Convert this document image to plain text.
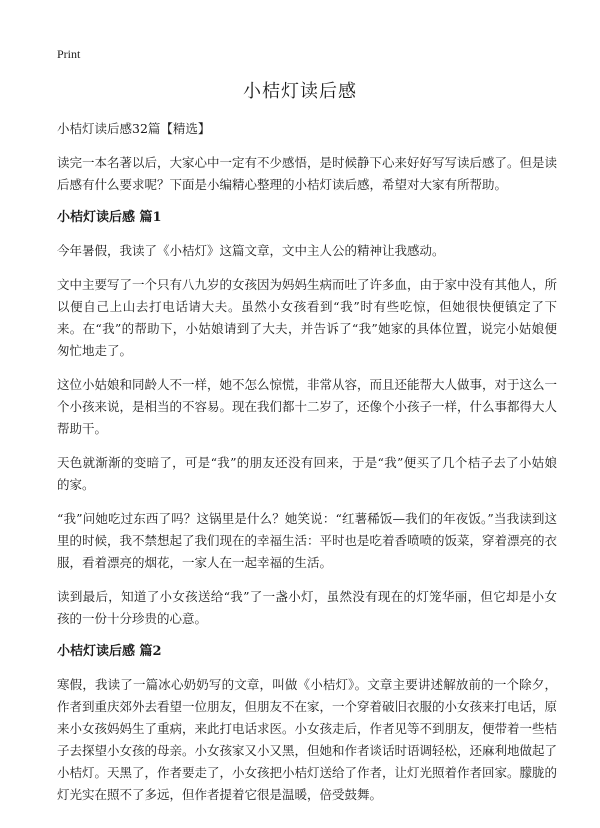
Print
小桔灯读后感

小桔灯读后感32篇【精选】

读完一本名著以后，大家心中一定有不少感悟，是时候静下心来好好写写读后感了。但是读后感有什么要求呢？下面是小编精心整理的小桔灯读后感，希望对大家有所帮助。

小桔灯读后感 篇1

今年暑假，我读了《小桔灯》这篇文章，文中主人公的精神让我感动。

文中主要写了一个只有八九岁的女孩因为妈妈生病而吐了许多血，由于家中没有其他人，所以便自己上山去打电话请大夫。虽然小女孩看到“我”时有些吃惊，但她很快便镇定了下来。在“我”的帮助下，小姑娘请到了大夫，并告诉了“我”她家的具体位置，说完小姑娘便匆忙地走了。

这位小姑娘和同龄人不一样，她不怎么惊慌，非常从容，而且还能帮大人做事，对于这么一个小孩来说，是相当的不容易。现在我们都十二岁了，还像个小孩子一样，什么事都得大人帮助干。

天色就渐渐的变暗了，可是“我”的朋友还没有回来，于是“我”便买了几个桔子去了小姑娘的家。

“我”问她吃过东西了吗？这锅里是什么？她笑说：“红薯稀饭—我们的年夜饭。”当我读到这里的时候，我不禁想起了我们现在的幸福生活：平时也是吃着香喷喷的饭菜，穿着漂亮的衣服，看着漂亮的烟花，一家人在一起幸福的生活。

读到最后，知道了小女孩送给“我”了一盏小灯，虽然没有现在的灯笼华丽，但它却是小女孩的一份十分珍贵的心意。

小桔灯读后感 篇2

寒假，我读了一篇冰心奶奶写的文章，叫做《小桔灯》。文章主要讲述解放前的一个除夕，作者到重庆郊外去看望一位朋友，但朋友不在家，一个穿着破旧衣服的小女孩来打电话，原来小女孩妈妈生了重病，来此打电话求医。小女孩走后，作者见等不到朋友，便带着一些桔子去探望小女孩的母亲。小女孩家又小又黑，但她和作者谈话时语调轻松，还麻利地做起了小桔灯。天黑了，作者要走了，小女孩把小桔灯送给了作者，让灯光照着作者回家。朦胧的灯光实在照不了多远，但作者提着它很是温暖，倍受鼓舞。
